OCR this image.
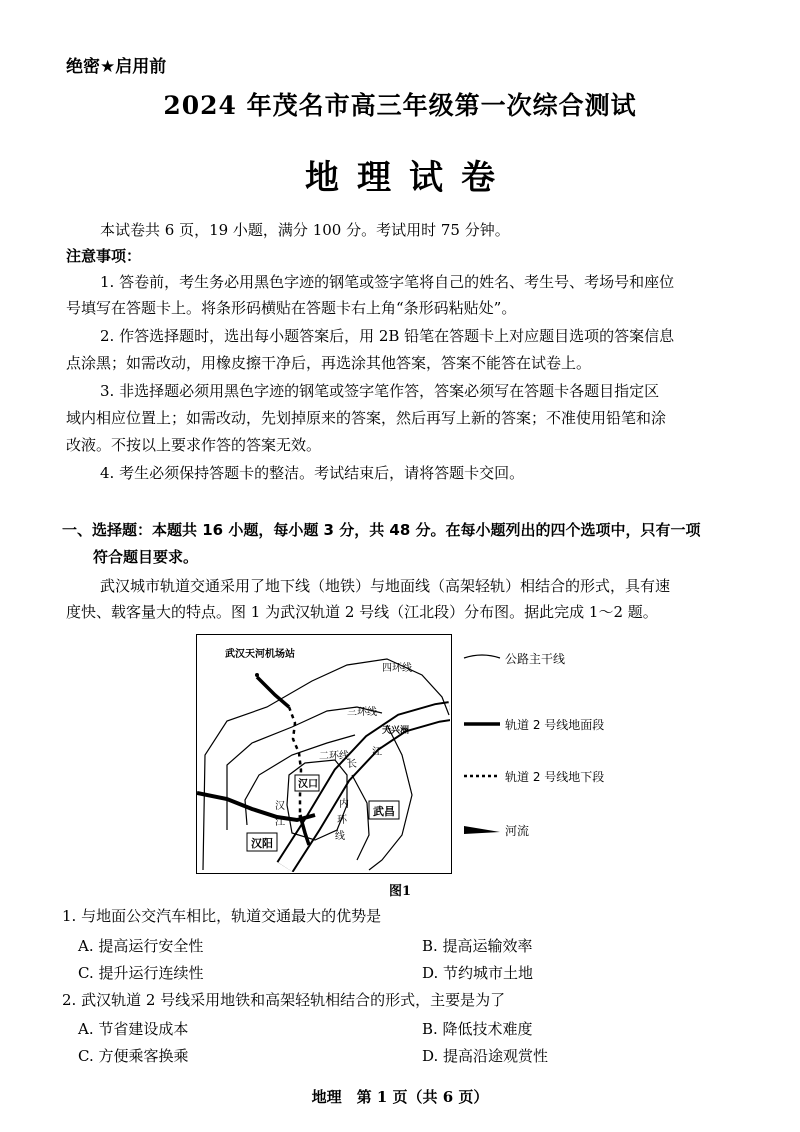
绝密★启用前
2024 年茂名市高三年级第一次综合测试
地理试卷
本试卷共 6 页，19 小题，满分 100 分。考试用时 75 分钟。
注意事项：
1. 答卷前，考生务必用黑色字迹的钢笔或签字笔将自己的姓名、考生号、考场号和座位
号填写在答题卡上。将条形码横贴在答题卡右上角“条形码粘贴处”。
2. 作答选择题时，选出每小题答案后，用 2B 铅笔在答题卡上对应题目选项的答案信息
点涂黑；如需改动，用橡皮擦干净后，再选涂其他答案，答案不能答在试卷上。
3. 非选择题必须用黑色字迹的钢笔或签字笔作答，答案必须写在答题卡各题目指定区
域内相应位置上；如需改动，先划掉原来的答案，然后再写上新的答案；不准使用铅笔和涂
改液。不按以上要求作答的答案无效。
4. 考生必须保持答题卡的整洁。考试结束后，请将答题卡交回。
一、选择题：本题共 16 小题，每小题 3 分，共 48 分。在每小题列出的四个选项中，只有一项
符合题目要求。
武汉城市轨道交通采用了地下线（地铁）与地面线（高架轻轨）相结合的形式，具有速
度快、载客量大的特点。图 1 为武汉轨道 2 号线（江北段）分布图。据此完成 1～2 题。
武汉天河机场站
四环线
三环线
二环线
天兴洲
江
长
汉口
汉
江
内
环
线
武昌
汉阳
公路主干线
轨道 2 号线地面段
轨道 2 号线地下段
河流
图1
1. 与地面公交汽车相比，轨道交通最大的优势是
A. 提高运行安全性	B. 提高运输效率
C. 提升运行连续性	D. 节约城市土地
2. 武汉轨道 2 号线采用地铁和高架轻轨相结合的形式，主要是为了
A. 节省建设成本	B. 降低技术难度
C. 方便乘客换乘	D. 提高沿途观赏性
地理　第 1 页（共 6 页）
